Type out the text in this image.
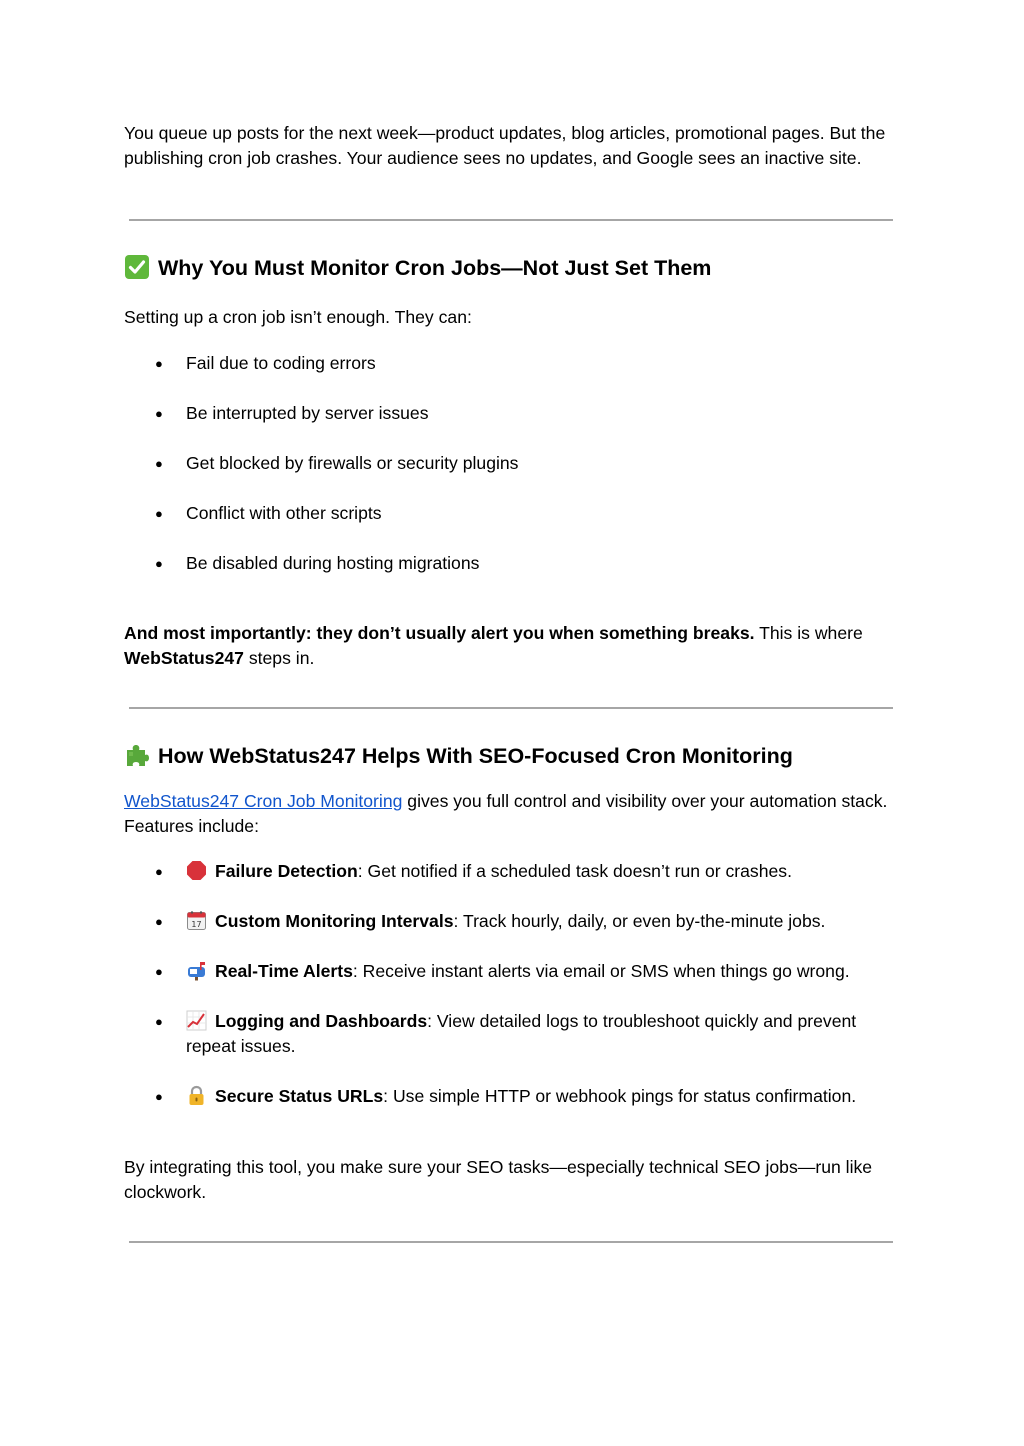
You queue up posts for the next week—product updates, blog articles, promotional pages. But the publishing cron job crashes. Your audience sees no updates, and Google sees an inactive site.

Why You Must Monitor Cron Jobs—Not Just Set Them

Setting up a cron job isn’t enough. They can:

● Fail due to coding errors
● Be interrupted by server issues
● Get blocked by firewalls or security plugins
● Conflict with other scripts
● Be disabled during hosting migrations

And most importantly: they don’t usually alert you when something breaks. This is where WebStatus247 steps in.

How WebStatus247 Helps With SEO-Focused Cron Monitoring

WebStatus247 Cron Job Monitoring gives you full control and visibility over your automation stack. Features include:

●	Failure Detection: Get notified if a scheduled task doesn’t run or crashes.
●	17 Custom Monitoring Intervals: Track hourly, daily, or even by-the-minute jobs.
●	Real-Time Alerts: Receive instant alerts via email or SMS when things go wrong.
●	Logging and Dashboards: View detailed logs to troubleshoot quickly and prevent repeat issues.
●	Secure Status URLs: Use simple HTTP or webhook pings for status confirmation.

By integrating this tool, you make sure your SEO tasks—especially technical SEO jobs—run like clockwork.
